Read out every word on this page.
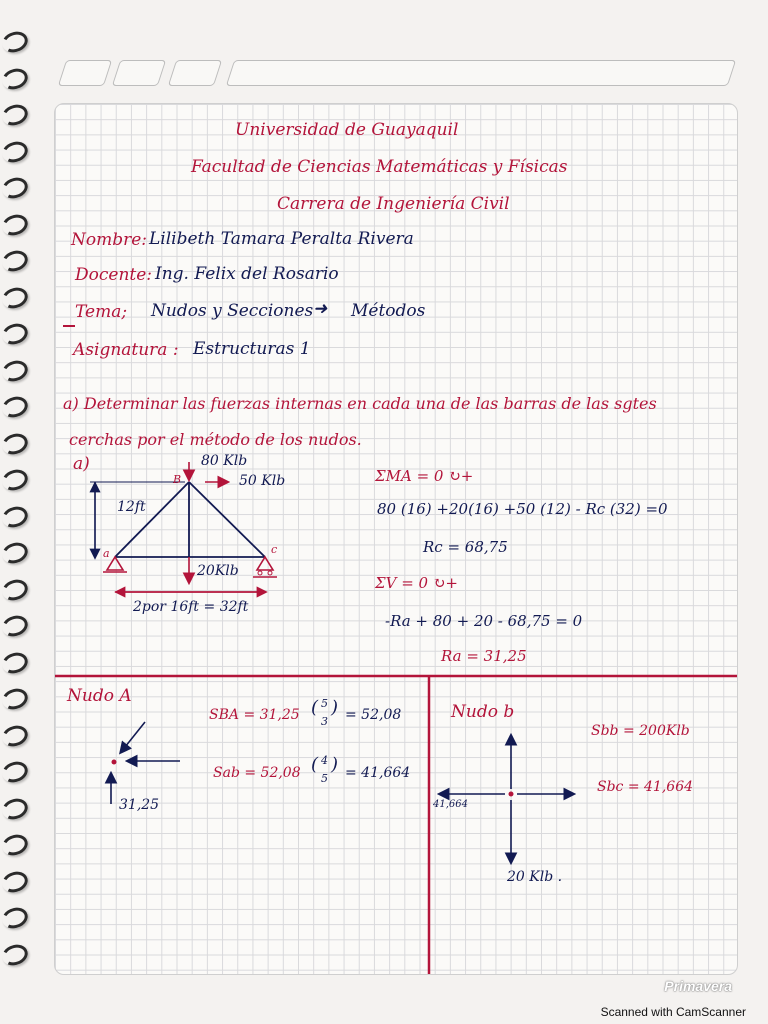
Universidad de Guayaquil
Facultad de Ciencias Matemáticas y Físicas
Carrera de Ingeniería Civil
Nombre: Lilibeth Tamara Peralta Rivera
Docente: Ing. Felix del Rosario
Tema; Nudos y Secciones ➜ Métodos
Asignatura : Estructuras 1
a) Determinar las fuerzas internas en cada una de las barras de las sgtes
cerchas por el método de los nudos.
a)	80 Klb
50 Klb
B
12ft
a	c
20Klb
2por 16ft = 32ft
ΣMA = 0 ↻+
80 (16) +20(16) +50 (12) - Rc (32) =0
Rc = 68,75
ΣV = 0 ↻+
-Ra + 80 + 20 - 68,75 = 0
Ra = 31,25
Nudo A
SBA = 31,25 ( 5
3
) = 52,08
Sab = 52,08 ( 4
5
) = 41,664
31,25
Nudo b
Sbb = 200Klb
Sbc = 41,664
41,664
20 Klb .
Primavera
Scanned with CamScanner
